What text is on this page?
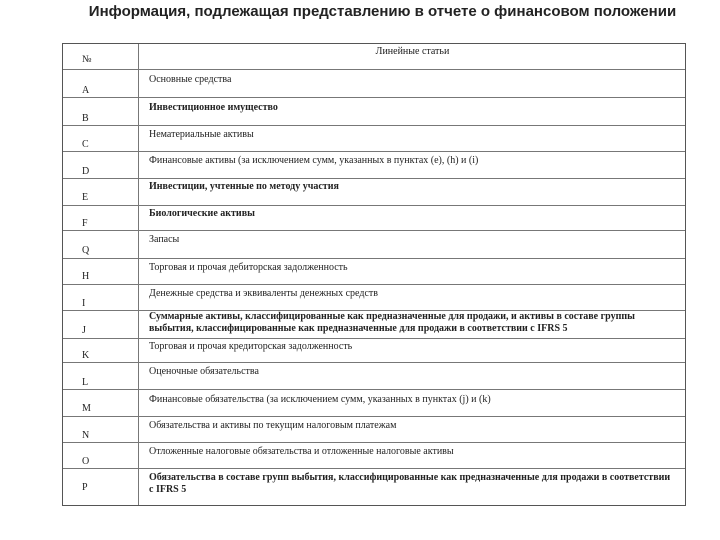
Информация, подлежащая представлению в отчете о финансовом положении
№
Линейные статьи
Основные средства
A
Инвестиционное имущество
B
Нематериальные активы
C
Финансовые активы (за исключением сумм, указанных в пунктах (e), (h) и (i)
D
Инвестиции, учтенные по методу участия
E
Биологические активы
F
Запасы
Q
Торговая и прочая дебиторская задолженность
H
Денежные средства и эквиваленты денежных средств
I
Суммарные активы, классифицированные как предназначенные для продажи, и активы в составе группы выбытия, классифицированные как предназначенные для продажи в соответствии с IFRS 5
J
Торговая и прочая кредиторская задолженность
K
Оценочные обязательства
L
Финансовые обязательства (за исключением сумм, указанных в пунктах (j) и (k)
M
Обязательства и активы по текущим налоговым платежам
N
Отложенные налоговые обязательства и отложенные налоговые активы
O
Обязательства в составе групп выбытия, классифицированные как предназначенные для продажи в соответствии с IFRS 5
P
